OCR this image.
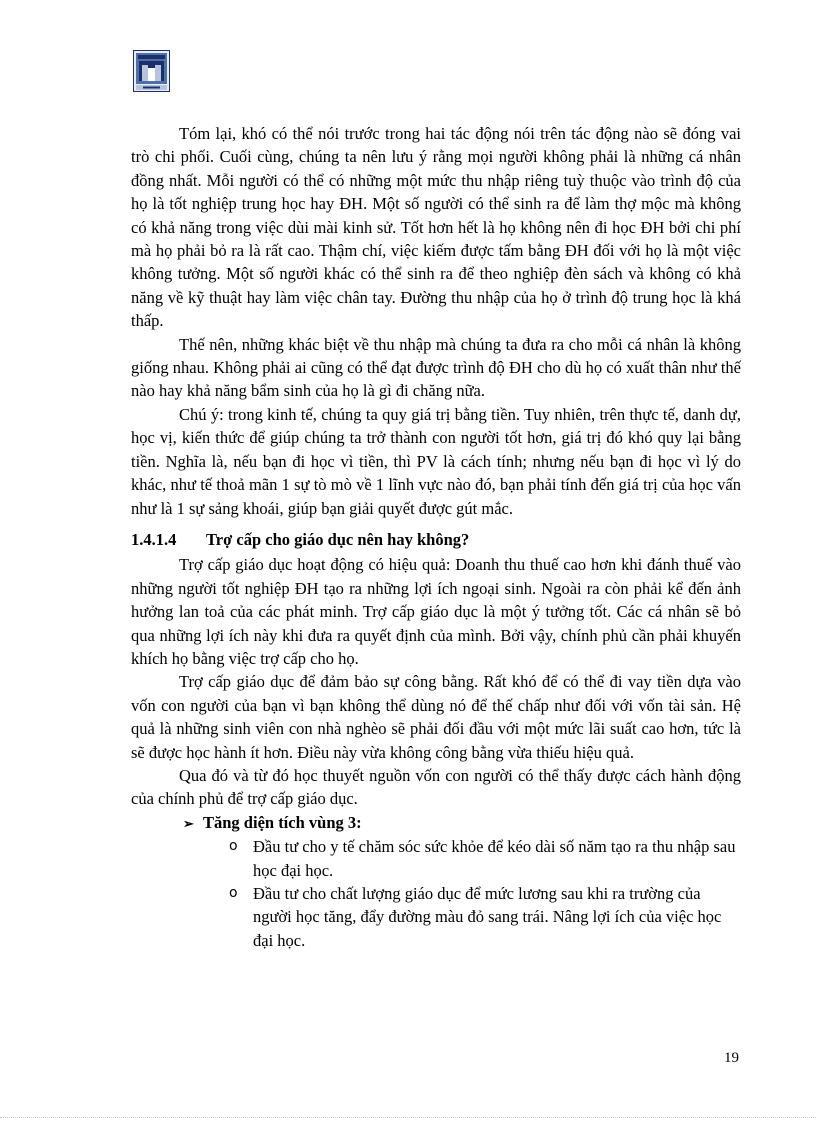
Tóm lại, khó có thể nói trước trong hai tác động nói trên tác động nào sẽ đóng vai trò chi phối. Cuối cùng, chúng ta nên lưu ý rằng mọi người không phải là những cá nhân đồng nhất. Mỗi người có thể có những một mức thu nhập riêng tuỳ thuộc vào trình độ của họ là tốt nghiệp trung học hay ĐH. Một số người có thể sinh ra để làm thợ mộc mà không có khả năng trong việc dùi mài kinh sử. Tốt hơn hết là họ không nên đi học ĐH bởi chi phí mà họ phải bỏ ra là rất cao. Thậm chí, việc kiếm được tấm bằng ĐH đối với họ là một việc không tưởng. Một số người khác có thể sinh ra để theo nghiệp đèn sách và không có khả năng về kỹ thuật hay làm việc chân tay. Đường thu nhập của họ ở trình độ trung học là khá thấp.

Thế nên, những khác biệt về thu nhập mà chúng ta đưa ra cho mỗi cá nhân là không giống nhau. Không phải ai cũng có thể đạt được trình độ ĐH cho dù họ có xuất thân như thế nào hay khả năng bẩm sinh của họ là gì đi chăng nữa.

Chú ý: trong kinh tế, chúng ta quy giá trị bằng tiền. Tuy nhiên, trên thực tế, danh dự, học vị, kiến thức để giúp chúng ta trở thành con người tốt hơn, giá trị đó khó quy lại bằng tiền. Nghĩa là, nếu bạn đi học vì tiền, thì PV là cách tính; nhưng nếu bạn đi học vì lý do khác, như tế thoả mãn 1 sự tò mò về 1 lĩnh vực nào đó, bạn phải tính đến giá trị của học vấn như là 1 sự sảng khoái, giúp bạn giải quyết được gút mắc.

1.4.1.4	Trợ cấp cho giáo dục nên hay không?

Trợ cấp giáo dục hoạt động có hiệu quả: Doanh thu thuế cao hơn khi đánh thuế vào những người tốt nghiệp ĐH tạo ra những lợi ích ngoại sinh. Ngoài ra còn phải kể đến ảnh hưởng lan toả của các phát minh. Trợ cấp giáo dục là một ý tưởng tốt. Các cá nhân sẽ bỏ qua những lợi ích này khi đưa ra quyết định của mình. Bởi vậy, chính phủ cần phải khuyến khích họ bằng việc trợ cấp cho họ.

Trợ cấp giáo dục để đảm bảo sự công bằng. Rất khó để có thể đi vay tiền dựa vào vốn con người của bạn vì bạn không thể dùng nó để thế chấp như đối với vốn tài sản. Hệ quả là những sinh viên con nhà nghèo sẽ phải đối đầu với một mức lãi suất cao hơn, tức là sẽ được học hành ít hơn. Điều này vừa không công bằng vừa thiếu hiệu quả.

Qua đó và từ đó học thuyết nguồn vốn con người có thể thấy được cách hành động của chính phủ để trợ cấp giáo dục.

➢ Tăng diện tích vùng 3:
o Đầu tư cho y tế chăm sóc sức khỏe để kéo dài số năm tạo ra thu nhập sau học đại học.
o Đầu tư cho chất lượng giáo dục để mức lương sau khi ra trường của người học tăng, đẩy đường màu đỏ sang trái. Nâng lợi ích của việc học đại học.
19
